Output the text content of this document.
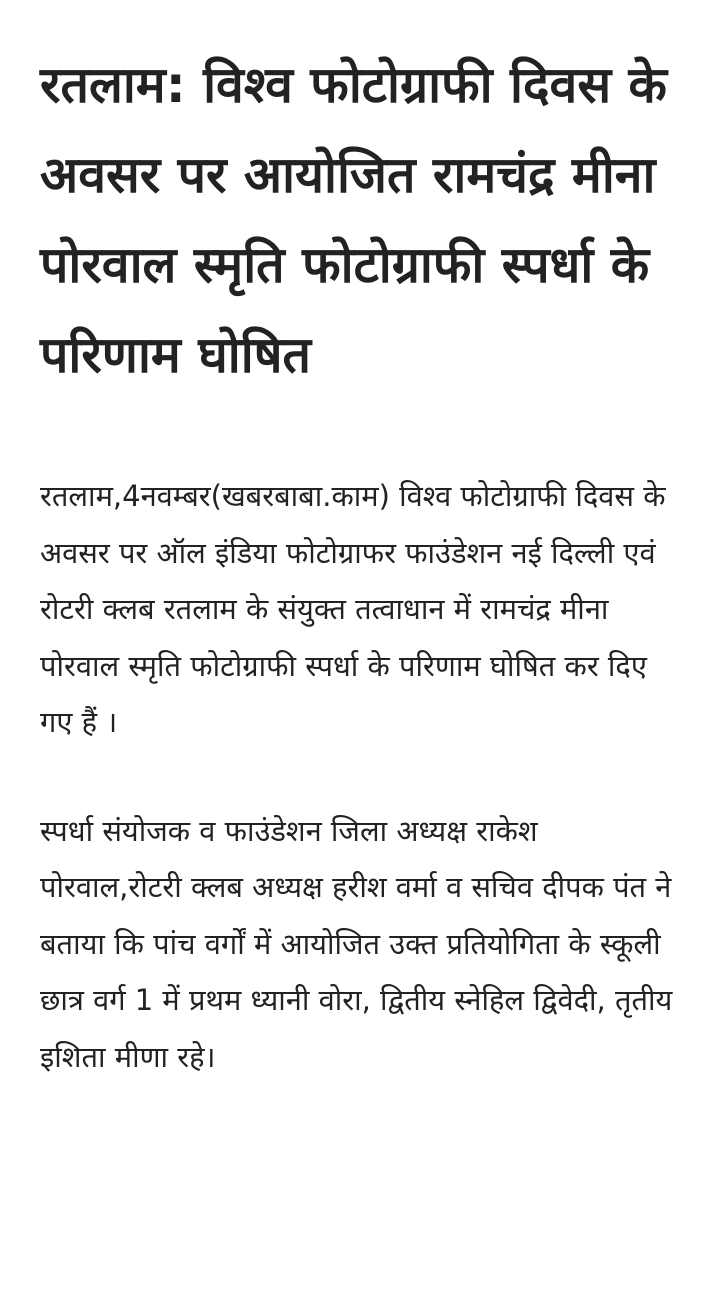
रतलाम: विश्व फोटोग्राफी दिवस के अवसर पर आयोजित रामचंद्र मीना पोरवाल स्मृति फोटोग्राफी स्पर्धा के परिणाम घोषित

रतलाम,4नवम्बर(खबरबाबा.काम) विश्व फोटोग्राफी दिवस के अवसर पर ऑल इंडिया फोटोग्राफर फाउंडेशन नई दिल्ली एवं रोटरी क्लब रतलाम के संयुक्त तत्वाधान में रामचंद्र मीना पोरवाल स्मृति फोटोग्राफी स्पर्धा के परिणाम घोषित कर दिए गए हैं ।

स्पर्धा संयोजक व फाउंडेशन जिला अध्यक्ष राकेश पोरवाल,रोटरी क्लब अध्यक्ष हरीश वर्मा व सचिव दीपक पंत ने बताया कि पांच वर्गों में आयोजित उक्त प्रतियोगिता के स्कूली छात्र वर्ग 1 में प्रथम ध्यानी वोरा, द्वितीय स्नेहिल द्विवेदी, तृतीय इशिता मीणा रहे।
